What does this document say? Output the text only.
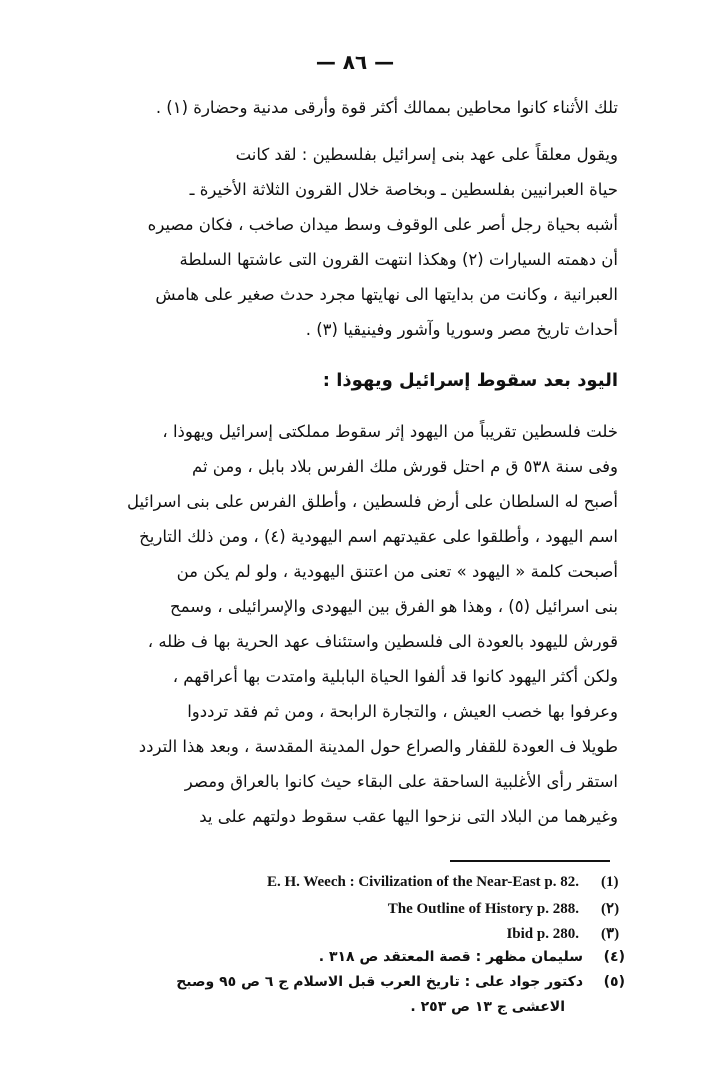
— ٨٦ —
تلك الأثناء كانوا محاطين بممالك أكثر قوة وأرقى مدنية وحضارة (١) .
ويقول معلقاً على عهد بنى إسرائيل بفلسطين : لقد كانت
حياة العبرانيين بفلسطين ـ وبخاصة خلال القرون الثلاثة الأخيرة ـ
أشبه بحياة رجل أصر على الوقوف وسط ميدان صاخب ، فكان مصيره
أن دهمته السيارات (٢) وهكذا انتهت القرون التى عاشتها السلطة
العبرانية ، وكانت من بدايتها الى نهايتها مجرد حدث صغير على هامش
أحداث تاريخ مصر وسوريا وآشور وفينيقيا (٣) .
اليود بعد سقوط إسرائيل ويهوذا :
خلت فلسطين تقريباً من اليهود إثر سقوط مملكتى إسرائيل ويهوذا ،
وفى سنة ٥٣٨ ق م احتل قورش ملك الفرس بلاد بابل ، ومن ثم
أصبح له السلطان على أرض فلسطين ، وأطلق الفرس على بنى اسرائيل
اسم اليهود ، وأطلقوا على عقيدتهم اسم اليهودية (٤) ، ومن ذلك التاريخ
أصبحت كلمة « اليهود » تعنى من اعتنق اليهودية ، ولو لم يكن من
بنى اسرائيل (٥) ، وهذا هو الفرق بين اليهودى والإسرائيلى ، وسمح
قورش لليهود بالعودة الى فلسطين واستئناف عهد الحرية بها ف ظله ،
ولكن أكثر اليهود كانوا قد ألفوا الحياة البابلية وامتدت بها أعراقهم ،
وعرفوا بها خصب العيش ، والتجارة الرابحة ، ومن ثم فقد ترددوا
طويلا ف العودة للقفار والصراع حول المدينة المقدسة ، وبعد هذا التردد
استقر رأى الأغلبية الساحقة على البقاء حيث كانوا بالعراق ومصر
وغيرهما من البلاد التى نزحوا اليها عقب سقوط دولتهم على يد
E. H. Weech : Civilization of the Near-East p. 82. (1)
The Outline of History p. 288. (٢)
Ibid p. 280. (٣)
(٤)
سليمان مظهر : قصة المعتقد ص ٣١٨ .
(٥)
دكتور جواد على : تاريخ العرب قبل الاسلام ج ٦ ص ٩٥ وصبح
الاعشى ج ١٣ ص ٢٥٣ .
